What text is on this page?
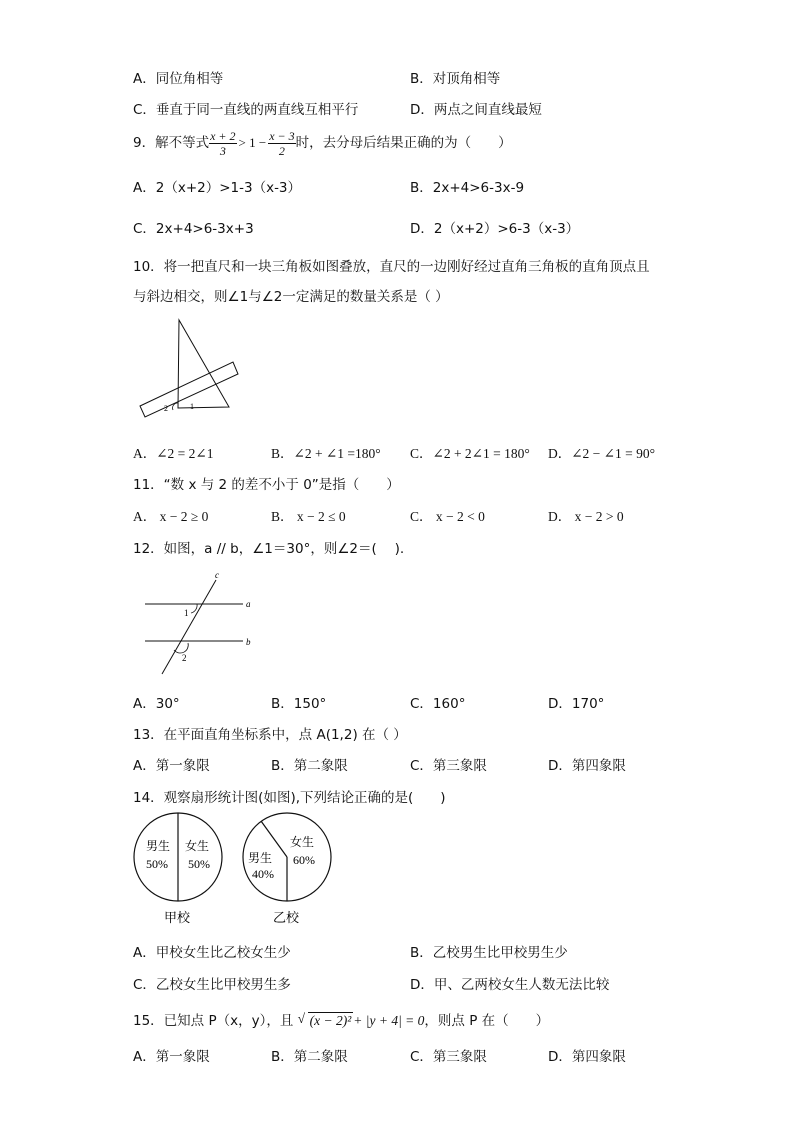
A．同位角相等	B．对顶角相等
C．垂直于同一直线的两直线互相平行	D．两点之间直线最短
9．解不等式 $\frac{x + 2}{3} > 1 - \frac{x - 3}{2}$ 时，去分母后结果正确的为（　　）
A．2（x+2）>1-3（x-3）	B．2x+4>6-3x-9
C．2x+4>6-3x+3	D．2（x+2）>6-3（x-3）
10．将一把直尺和一块三角板如图叠放，直尺的一边刚好经过直角三角板的直角顶点且
与斜边相交，则∠1与∠2一定满足的数量关系是（ ）
2	1
A．∠2 = 2∠1	B．∠2 + ∠1 =180° C．∠2 + 2∠1 = 180° D．∠2 − ∠1 = 90°
11．“数 x 与 2 的差不小于 0”是指（　　）
A． x − 2 ≥ 0	B． x − 2 ≤ 0	C． x − 2 < 0	D． x − 2 > 0
12．如图，a // b，∠1＝30°，则∠2＝(　 ).
a
b
c
1
2
A．30°	B．150°	C．160°	D．170°
13．在平面直角坐标系中，点 A(1,2) 在（ ）
A．第一象限	B．第二象限	C．第三象限	D．第四象限
14．观察扇形统计图(如图),下列结论正确的是(　　)
男生
50%
女生
50%
甲校
男生
40%
女生
60%
乙校
A．甲校女生比乙校女生少	B．乙校男生比甲校男生少
C．乙校女生比甲校男生多	D．甲、乙两校女生人数无法比较
15．已知点 P（x，y），且 √ (x − 2)² + |y + 4| = 0，则点 P 在（　　）
A．第一象限	B．第二象限	C．第三象限	D．第四象限
